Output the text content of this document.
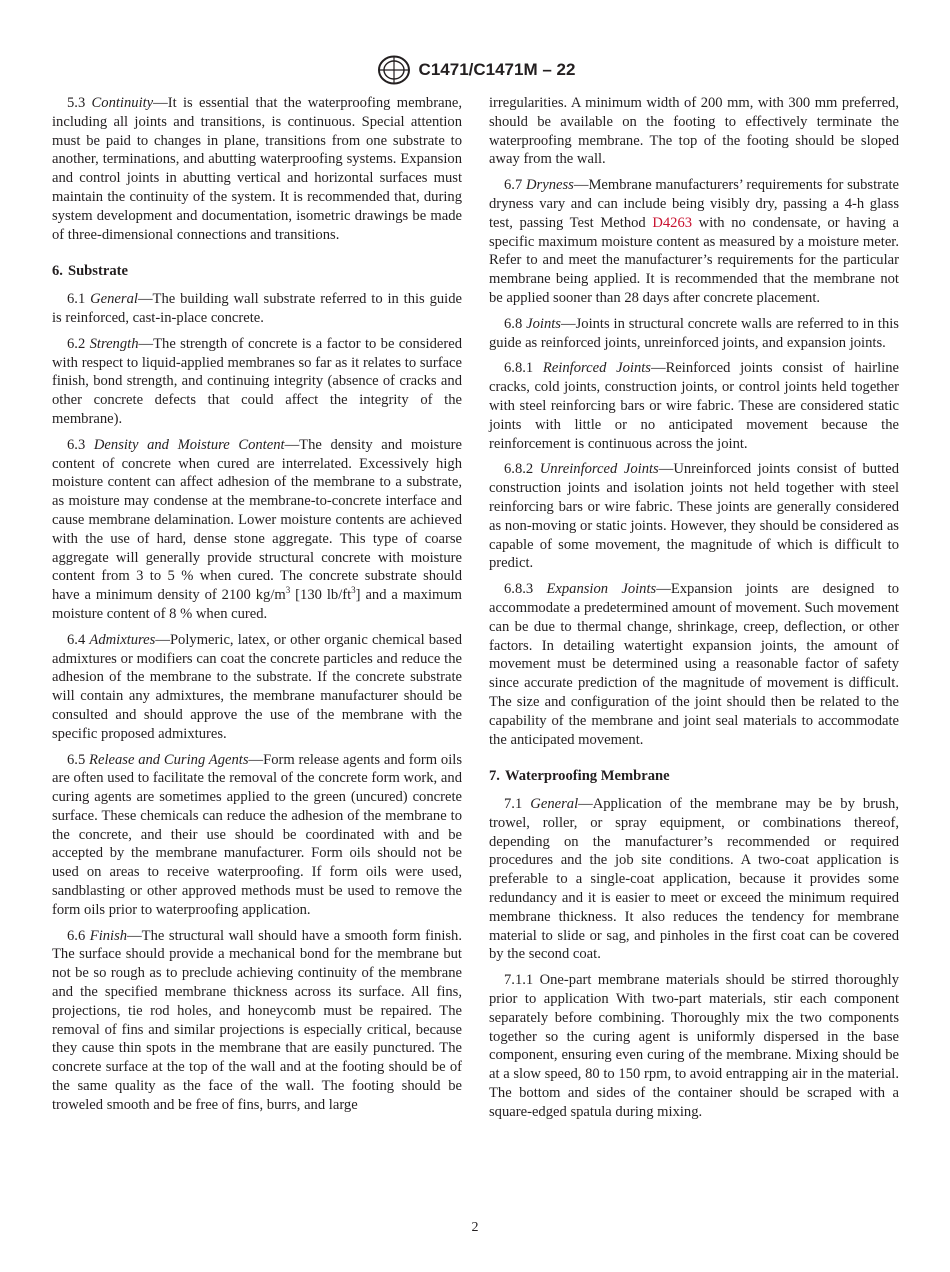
C1471/C1471M – 22

5.3 Continuity—It is essential that the waterproofing membrane, including all joints and transitions, is continuous. Special attention must be paid to changes in plane, transitions from one substrate to another, terminations, and abutting waterproofing systems. Expansion and control joints in abutting vertical and horizontal surfaces must maintain the continuity of the system. It is recommended that, during system development and documentation, isometric drawings be made of three-dimensional connections and transitions.

6. Substrate

6.1 General—The building wall substrate referred to in this guide is reinforced, cast-in-place concrete.

6.2 Strength—The strength of concrete is a factor to be considered with respect to liquid-applied membranes so far as it relates to surface finish, bond strength, and continuing integrity (absence of cracks and other concrete defects that could affect the integrity of the membrane).

6.3 Density and Moisture Content—The density and moisture content of concrete when cured are interrelated. Excessively high moisture content can affect adhesion of the membrane to a substrate, as moisture may condense at the membrane-to-concrete interface and cause membrane delamination. Lower moisture contents are achieved with the use of hard, dense stone aggregate. This type of coarse aggregate will generally provide structural concrete with moisture content from 3 to 5 % when cured. The concrete substrate should have a minimum density of 2100 $kg/m^3$ [130 $lb/ft^3$] and a maximum moisture content of 8 % when cured.

6.4 Admixtures—Polymeric, latex, or other organic chemical based admixtures or modifiers can coat the concrete particles and reduce the adhesion of the membrane to the substrate. If the concrete substrate will contain any admixtures, the membrane manufacturer should be consulted and should approve the use of the membrane with the specific proposed admixtures.

6.5 Release and Curing Agents—Form release agents and form oils are often used to facilitate the removal of the concrete form work, and curing agents are sometimes applied to the green (uncured) concrete surface. These chemicals can reduce the adhesion of the membrane to the concrete, and their use should be coordinated with and be accepted by the membrane manufacturer. Form oils should not be used on areas to receive waterproofing. If form oils were used, sandblasting or other approved methods must be used to remove the form oils prior to waterproofing application.

6.6 Finish—The structural wall should have a smooth form finish. The surface should provide a mechanical bond for the membrane but not be so rough as to preclude achieving continuity of the membrane and the specified membrane thickness across its surface. All fins, projections, tie rod holes, and honeycomb must be repaired. The removal of fins and similar projections is especially critical, because they cause thin spots in the membrane that are easily punctured. The concrete surface at the top of the wall and at the footing should be of the same quality as the face of the wall. The footing should be troweled smooth and be free of fins, burrs, and large

irregularities. A minimum width of 200 mm, with 300 mm preferred, should be available on the footing to effectively terminate the waterproofing membrane. The top of the footing should be sloped away from the wall.

6.7 Dryness—Membrane manufacturers’ requirements for substrate dryness vary and can include being visibly dry, passing a 4-h glass test, passing Test Method D4263 with no condensate, or having a specific maximum moisture content as measured by a moisture meter. Refer to and meet the manufacturer’s requirements for the particular membrane being applied. It is recommended that the membrane not be applied sooner than 28 days after concrete placement.

6.8 Joints—Joints in structural concrete walls are referred to in this guide as reinforced joints, unreinforced joints, and expansion joints.

6.8.1 Reinforced Joints—Reinforced joints consist of hairline cracks, cold joints, construction joints, or control joints held together with steel reinforcing bars or wire fabric. These are considered static joints with little or no anticipated movement because the reinforcement is continuous across the joint.

6.8.2 Unreinforced Joints—Unreinforced joints consist of butted construction joints and isolation joints not held together with steel reinforcing bars or wire fabric. These joints are generally considered as non-moving or static joints. However, they should be considered as capable of some movement, the magnitude of which is difficult to predict.

6.8.3 Expansion Joints—Expansion joints are designed to accommodate a predetermined amount of movement. Such movement can be due to thermal change, shrinkage, creep, deflection, or other factors. In detailing watertight expansion joints, the amount of movement must be determined using a reasonable factor of safety since accurate prediction of the magnitude of movement is difficult. The size and configuration of the joint should then be related to the capability of the membrane and joint seal materials to accommodate the anticipated movement.

7. Waterproofing Membrane

7.1 General—Application of the membrane may be by brush, trowel, roller, or spray equipment, or combinations thereof, depending on the manufacturer’s recommended or required procedures and the job site conditions. A two-coat application is preferable to a single-coat application, because it provides some redundancy and it is easier to meet or exceed the minimum required membrane thickness. It also reduces the tendency for membrane material to slide or sag, and pinholes in the first coat can be covered by the second coat.

7.1.1 One-part membrane materials should be stirred thoroughly prior to application With two-part materials, stir each component separately before combining. Thoroughly mix the two components together so the curing agent is uniformly dispersed in the base component, ensuring even curing of the membrane. Mixing should be at a slow speed, 80 to 150 rpm, to avoid entrapping air in the material. The bottom and sides of the container should be scraped with a square-edged spatula during mixing.

2
